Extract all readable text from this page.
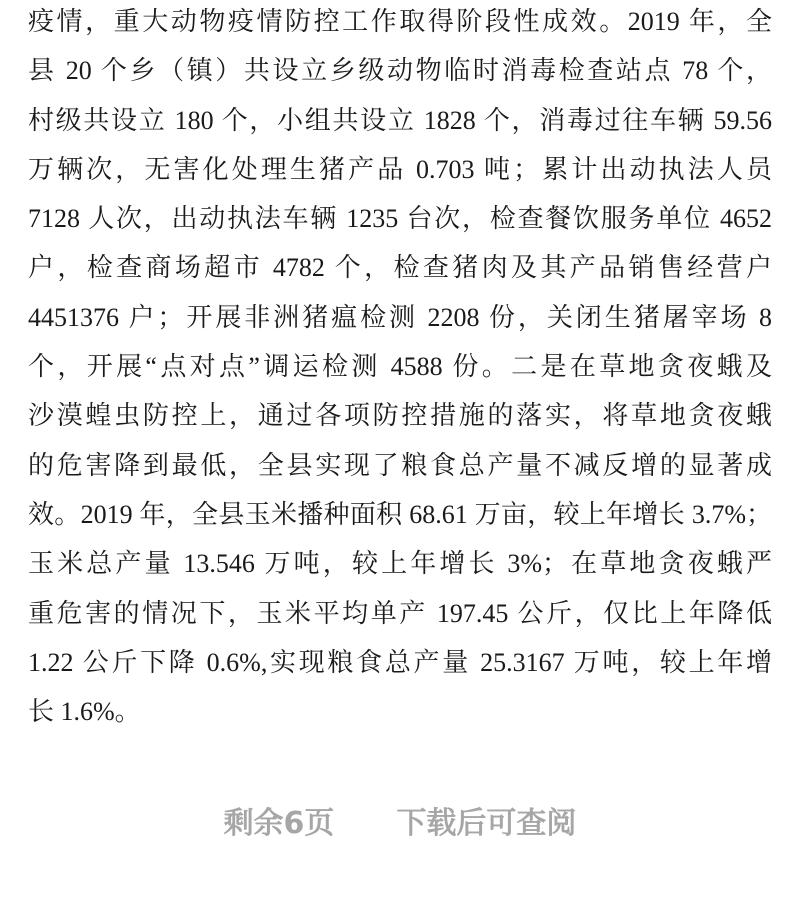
疫情，重大动物疫情防控工作取得阶段性成效。2019 年，全
县 20 个乡（镇）共设立乡级动物临时消毒检查站点 78 个，
村级共设立 180 个，小组共设立 1828 个，消毒过往车辆 59.56
万辆次，无害化处理生猪产品 0.703 吨；累计出动执法人员
7128 人次，出动执法车辆 1235 台次，检查餐饮服务单位 4652
户，检查商场超市 4782 个，检查猪肉及其产品销售经营户
4451376 户；开展非洲猪瘟检测 2208 份，关闭生猪屠宰场 8
个，开展“点对点”调运检测 4588 份。二是在草地贪夜蛾及
沙漠蝗虫防控上，通过各项防控措施的落实，将草地贪夜蛾
的危害降到最低，全县实现了粮食总产量不减反增的显著成
效。2019 年，全县玉米播种面积 68.61 万亩，较上年增长 3.7%；
玉米总产量 13.546 万吨，较上年增长 3%；在草地贪夜蛾严
重危害的情况下，玉米平均单产 197.45 公斤，仅比上年降低
1.22 公斤下降 0.6%,实现粮食总产量 25.3167 万吨，较上年增
长 1.6%。
剩余6页 下载后可查阅
